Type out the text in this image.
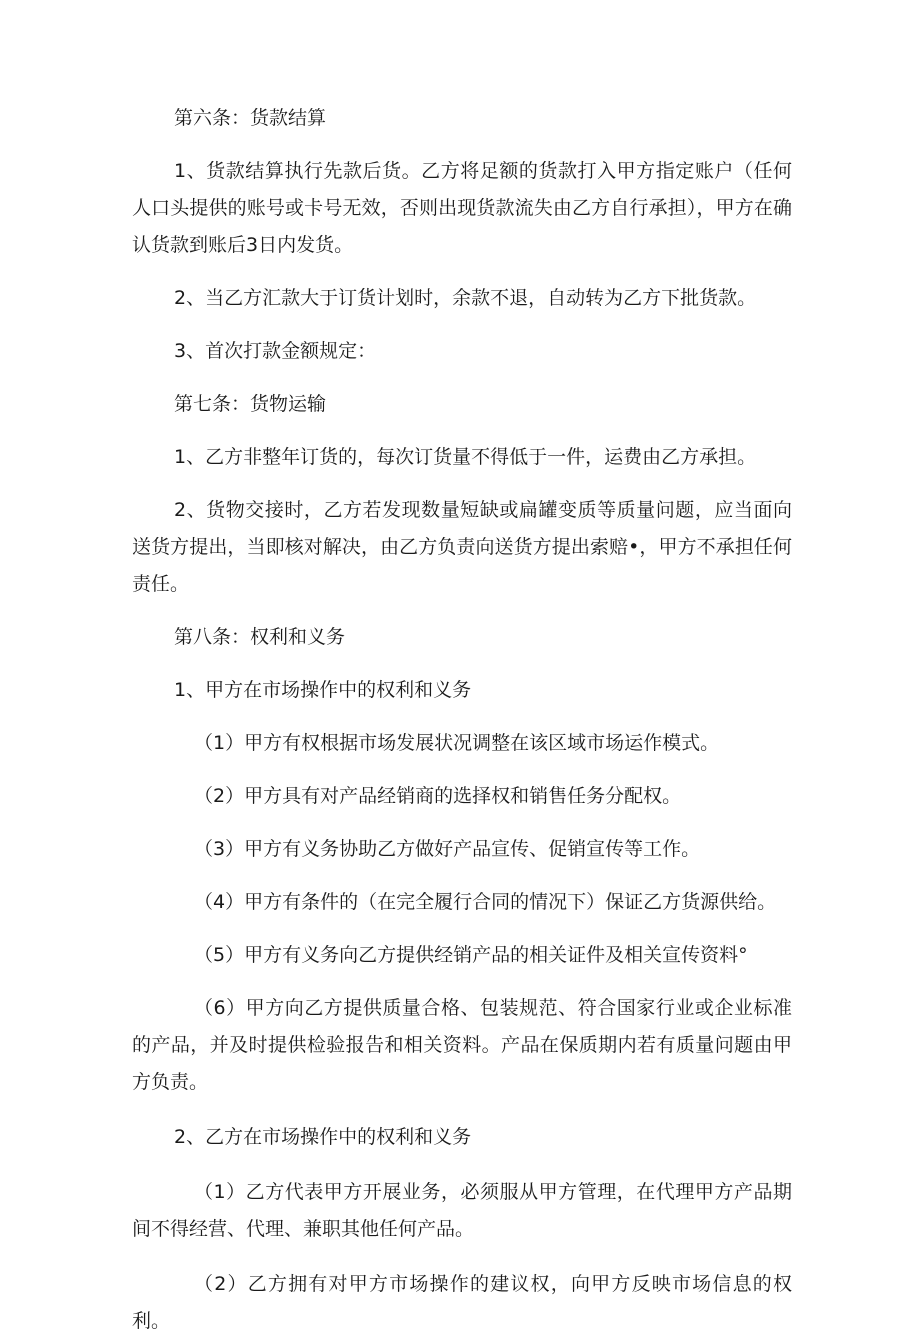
第六条：货款结算

1、货款结算执行先款后货。乙方将足额的货款打入甲方指定账户（任何人口头提供的账号或卡号无效，否则出现货款流失由乙方自行承担），甲方在确认货款到账后3日内发货。

2、当乙方汇款大于订货计划时，余款不退，自动转为乙方下批货款。

3、首次打款金额规定：

第七条：货物运输

1、乙方非整年订货的，每次订货量不得低于一件，运费由乙方承担。

2、货物交接时，乙方若发现数量短缺或扁罐变质等质量问题，应当面向送货方提出，当即核对解决，由乙方负责向送货方提出索赔•，甲方不承担任何责任。

第八条：权利和义务

1、甲方在市场操作中的权利和义务

（1）甲方有权根据市场发展状况调整在该区域市场运作模式。

（2）甲方具有对产品经销商的选择权和销售任务分配权。

（3）甲方有义务协助乙方做好产品宣传、促销宣传等工作。

（4）甲方有条件的（在完全履行合同的情况下）保证乙方货源供给。

（5）甲方有义务向乙方提供经销产品的相关证件及相关宣传资料°

（6）甲方向乙方提供质量合格、包装规范、符合国家行业或企业标准的产品，并及时提供检验报告和相关资料。产品在保质期内若有质量问题由甲方负责。

2、乙方在市场操作中的权利和义务

（1）乙方代表甲方开展业务，必须服从甲方管理，在代理甲方产品期间不得经营、代理、兼职其他任何产品。

（2）乙方拥有对甲方市场操作的建议权，向甲方反映市场信息的权利。
